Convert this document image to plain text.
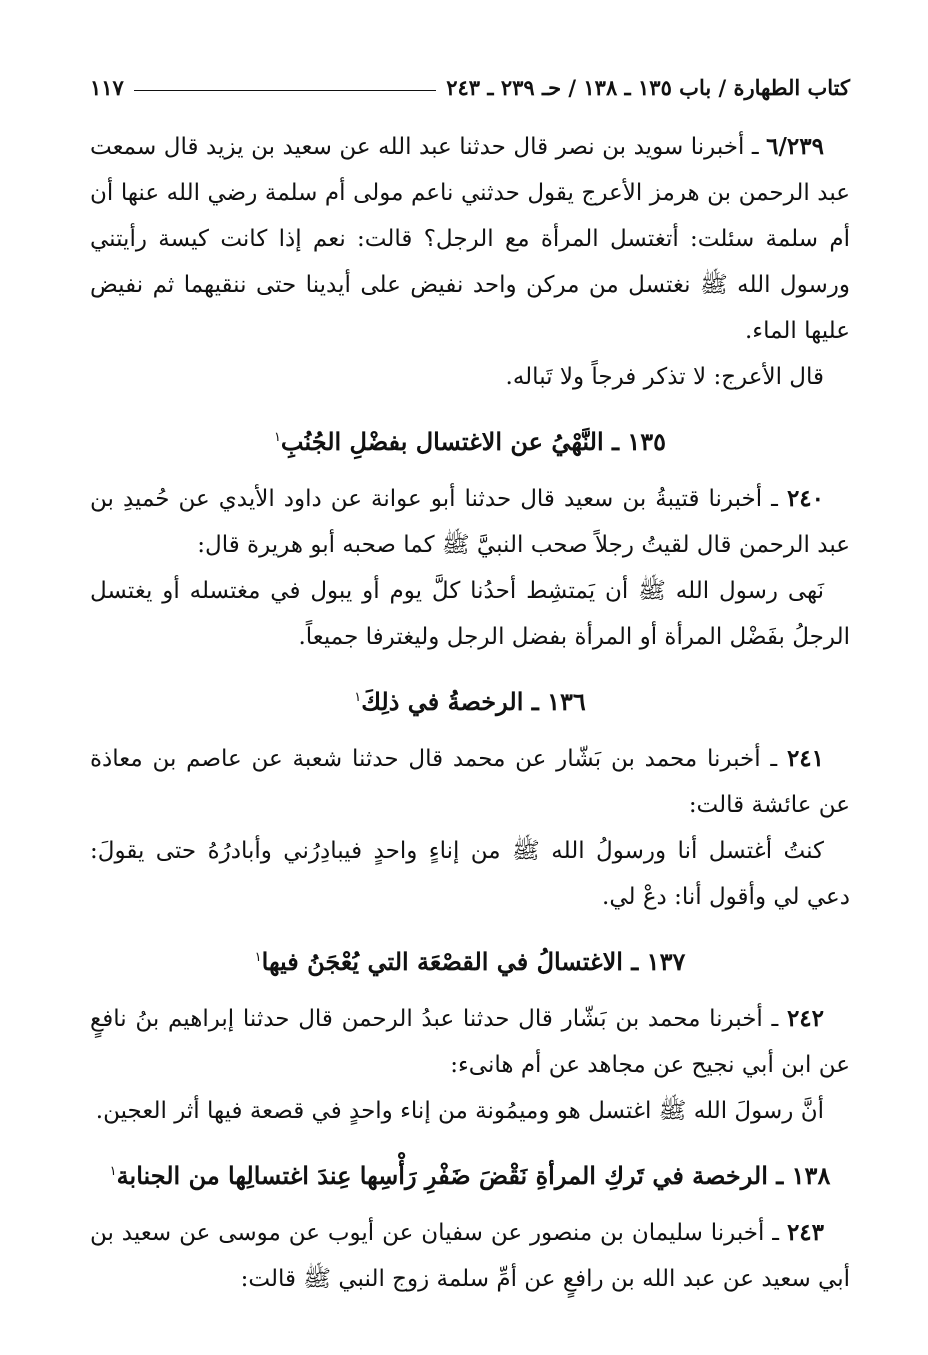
كتاب الطهارة / باب ١٣٥ ـ ١٣٨ / حـ ٢٣٩ ـ ٢٤٣
١١٧

٦/٢٣٩ ـ أخبرنا سويد بن نصر قال حدثنا عبد الله عن سعيد بن يزيد قال سمعت عبد الرحمن بن هرمز الأعرج يقول حدثني ناعم مولى أم سلمة رضي الله عنها أن أم سلمة سئلت: أتغتسل المرأة مع الرجل؟ قالت: نعم إذا كانت كيسة رأيتني ورسول الله ﷺ نغتسل من مركن واحد نفيض على أيدينا حتى ننقيهما ثم نفيض عليها الماء.

قال الأعرج: لا تذكر فرجاً ولا تَباله.

١٣٥ ـ النَّهْيُ عن الاغتسال بفضْلِ الجُنُبِ$^١$

٢٤٠ ـ أخبرنا قتيبةُ بن سعيد قال حدثنا أبو عوانة عن داود الأيدي عن حُميدِ بن عبد الرحمن قال لقيتُ رجلاً صحب النبيَّ ﷺ كما صحبه أبو هريرة قال:

نَهى رسول الله ﷺ أن يَمتشِط أحدُنا كلَّ يوم أو يبول في مغتسله أو يغتسل الرجلُ بفَضْل المرأة أو المرأة بفضل الرجل وليغترفا جميعاً.

١٣٦ ـ الرخصةُ في ذلِكَ$^١$

٢٤١ ـ أخبرنا محمد بن بَشّار عن محمد قال حدثنا شعبة عن عاصم بن معاذة عن عائشة قالت:

كنتُ أغتسل أنا ورسولُ الله ﷺ من إناءٍ واحدٍ فيبادِرُني وأبادرُهُ حتى يقولَ: دعي لي وأقول أنا: دعْ لي.

١٣٧ ـ الاغتسالُ في القصْعَة التي يُعْجَنُ فيها$^١$

٢٤٢ ـ أخبرنا محمد بن بَشّار قال حدثنا عبدُ الرحمن قال حدثنا إبراهيم بنُ نافعٍ عن ابن أبي نجيح عن مجاهد عن أم هانىء:

أنَّ رسولَ الله ﷺ اغتسل هو وميمُونة من إناء واحدٍ في قصعة فيها أثر العجين.

١٣٨ ـ الرخصة في تَركِ المرأةِ نَقْضَ ضَفْرِ رَأْسِها عِندَ اغتسالِها من الجنابة$^١$

٢٤٣ ـ أخبرنا سليمان بن منصور عن سفيان عن أيوب عن موسى عن سعيد بن أبي سعيد عن عبد الله بن رافعٍ عن أمِّ سلمة زوج النبي ﷺ قالت:
